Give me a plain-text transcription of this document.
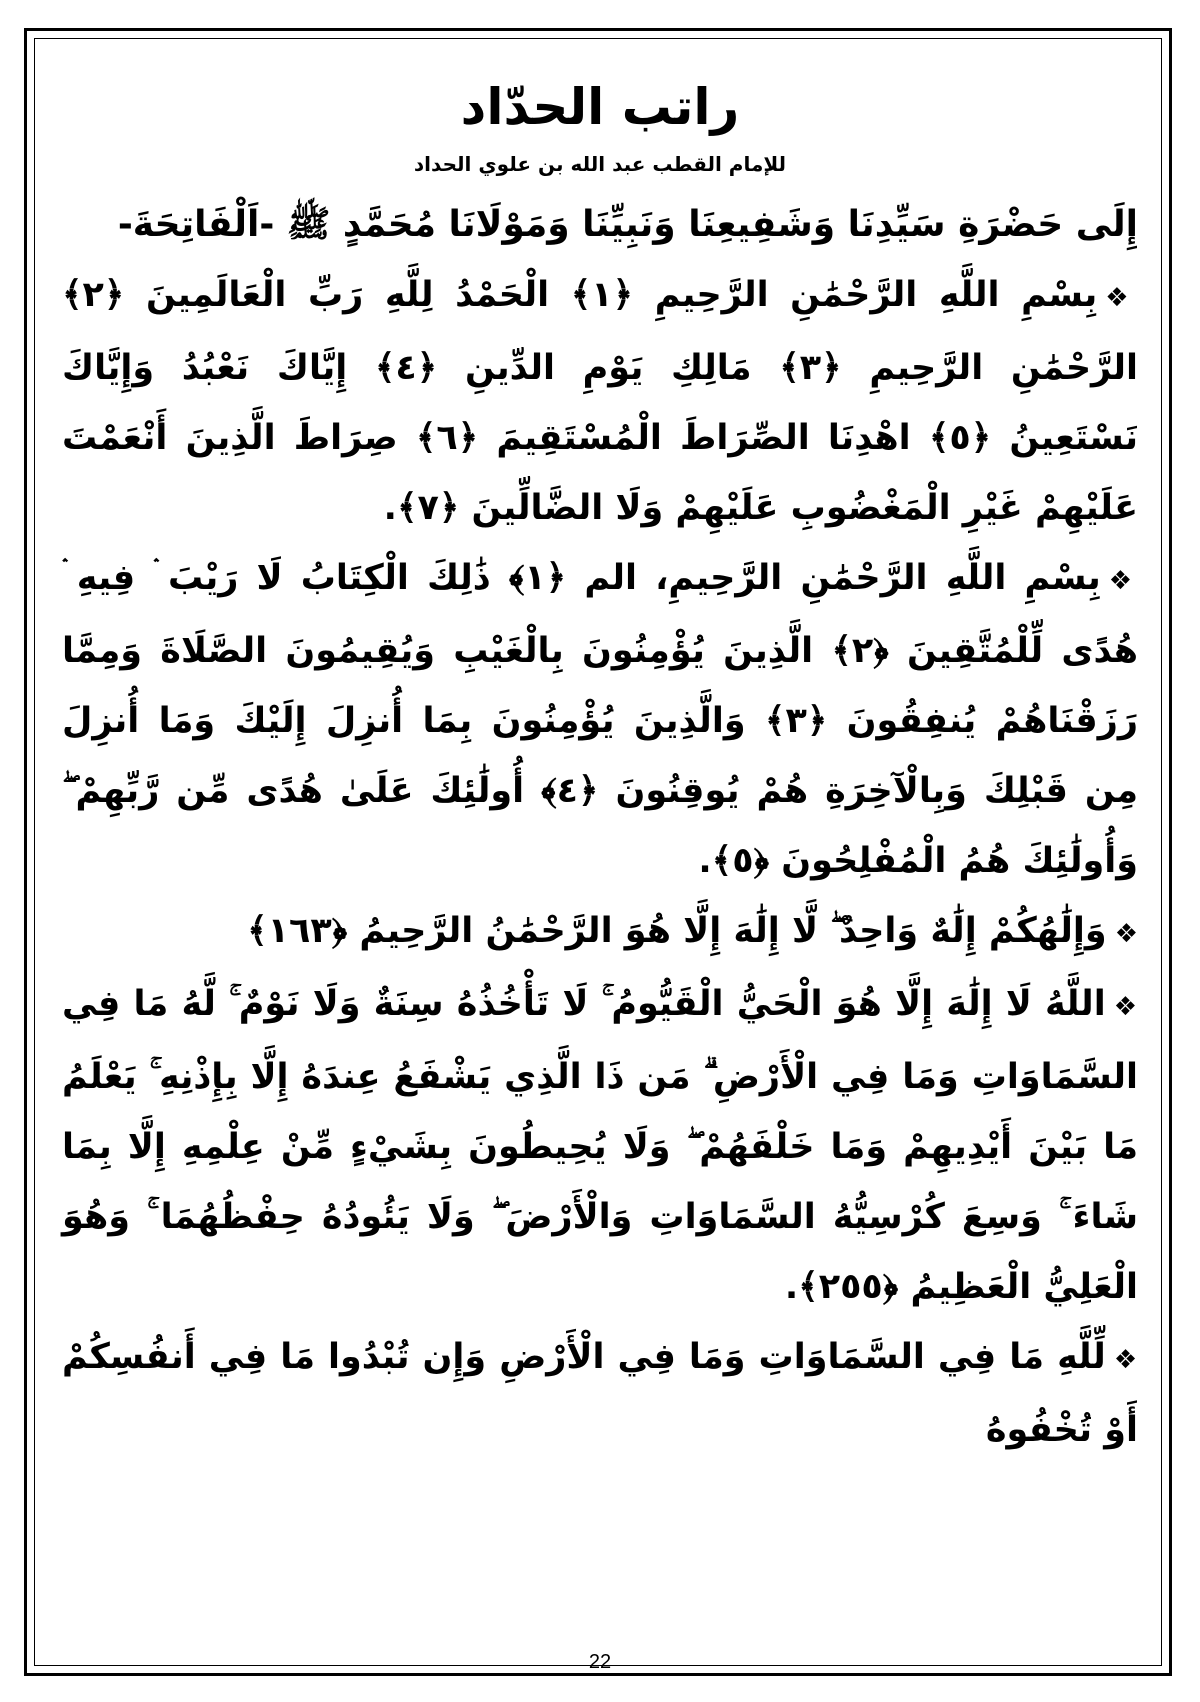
راتب الحدّاد
للإمام القطب عبد الله بن علوي الحداد

إِلَى حَضْرَةِ سَيِّدِنَا وَشَفِيعِنَا وَنَبِيِّنَا وَمَوْلَانَا مُحَمَّدٍ ﷺ -اَلْفَاتِحَةَ-

❖بِسْمِ اللَّهِ الرَّحْمَٰنِ الرَّحِيمِ ﴿١﴾ الْحَمْدُ لِلَّهِ رَبِّ الْعَالَمِينَ ﴿٢﴾ الرَّحْمَٰنِ الرَّحِيمِ ﴿٣﴾ مَالِكِ يَوْمِ الدِّينِ ﴿٤﴾ إِيَّاكَ نَعْبُدُ وَإِيَّاكَ نَسْتَعِينُ ﴿٥﴾ اهْدِنَا الصِّرَاطَ الْمُسْتَقِيمَ ﴿٦﴾ صِرَاطَ الَّذِينَ أَنْعَمْتَ عَلَيْهِمْ غَيْرِ الْمَغْضُوبِ عَلَيْهِمْ وَلَا الضَّالِّينَ ﴿٧﴾.

❖بِسْمِ اللَّهِ الرَّحْمَٰنِ الرَّحِيمِ، الم ﴿١﴾ ذَٰلِكَ الْكِتَابُ لَا رَيْبَ ۛ فِيهِ ۛ هُدًى لِّلْمُتَّقِينَ ﴿٢﴾ الَّذِينَ يُؤْمِنُونَ بِالْغَيْبِ وَيُقِيمُونَ الصَّلَاةَ وَمِمَّا رَزَقْنَاهُمْ يُنفِقُونَ ﴿٣﴾ وَالَّذِينَ يُؤْمِنُونَ بِمَا أُنزِلَ إِلَيْكَ وَمَا أُنزِلَ مِن قَبْلِكَ وَبِالْآخِرَةِ هُمْ يُوقِنُونَ ﴿٤﴾ أُولَٰئِكَ عَلَىٰ هُدًى مِّن رَّبِّهِمْ ۖ وَأُولَٰئِكَ هُمُ الْمُفْلِحُونَ ﴿٥﴾.

❖وَإِلَٰهُكُمْ إِلَٰهٌ وَاحِدٌ ۖ لَّا إِلَٰهَ إِلَّا هُوَ الرَّحْمَٰنُ الرَّحِيمُ ﴿١٦٣﴾

❖اللَّهُ لَا إِلَٰهَ إِلَّا هُوَ الْحَيُّ الْقَيُّومُ ۚ لَا تَأْخُذُهُ سِنَةٌ وَلَا نَوْمٌ ۚ لَّهُ مَا فِي السَّمَاوَاتِ وَمَا فِي الْأَرْضِ ۗ مَن ذَا الَّذِي يَشْفَعُ عِندَهُ إِلَّا بِإِذْنِهِ ۚ يَعْلَمُ مَا بَيْنَ أَيْدِيهِمْ وَمَا خَلْفَهُمْ ۖ وَلَا يُحِيطُونَ بِشَيْءٍ مِّنْ عِلْمِهِ إِلَّا بِمَا شَاءَ ۚ وَسِعَ كُرْسِيُّهُ السَّمَاوَاتِ وَالْأَرْضَ ۖ وَلَا يَئُودُهُ حِفْظُهُمَا ۚ وَهُوَ الْعَلِيُّ الْعَظِيمُ ﴿٢٥٥﴾.

❖لِّلَّهِ مَا فِي السَّمَاوَاتِ وَمَا فِي الْأَرْضِ وَإِن تُبْدُوا مَا فِي أَنفُسِكُمْ أَوْ تُخْفُوهُ

22
